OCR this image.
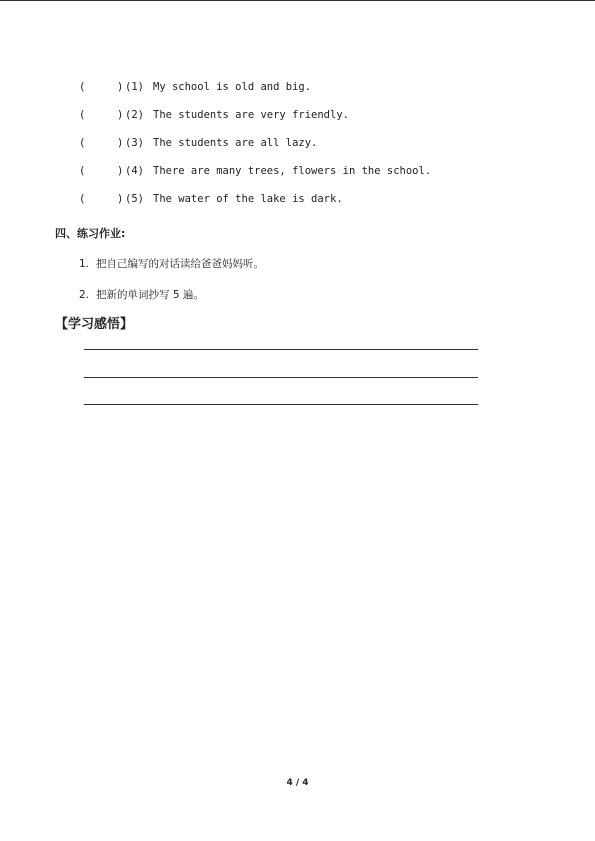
(	) (1) My school is old and big.
(	) (2) The students are very friendly.
(	) (3) The students are all lazy.
(	) (4) There are many trees, flowers in the school.
(	) (5) The water of the lake is dark.
四、练习作业:
1. 把自己编写的对话读给爸爸妈妈听。
2. 把新的单词抄写 5 遍。
【学习感悟】
4 / 4
